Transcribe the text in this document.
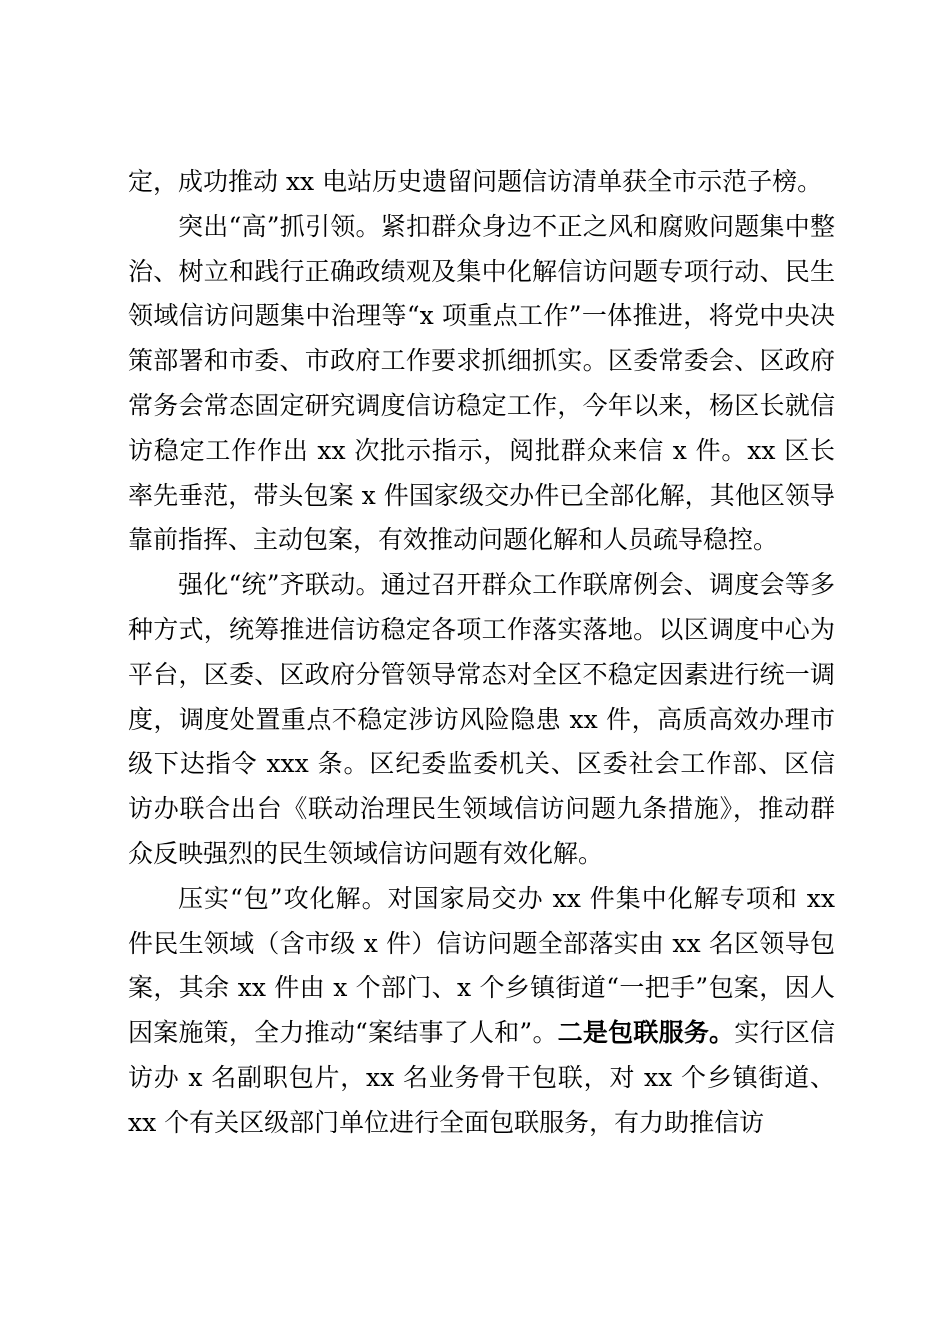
定，成功推动 xx 电站历史遗留问题信访清单获全市示范子榜。

突出“高”抓引领。紧扣群众身边不正之风和腐败问题集中整治、树立和践行正确政绩观及集中化解信访问题专项行动、民生领域信访问题集中治理等“x 项重点工作”一体推进，将党中央决策部署和市委、市政府工作要求抓细抓实。区委常委会、区政府常务会常态固定研究调度信访稳定工作，今年以来，杨区长就信访稳定工作作出 xx 次批示指示，阅批群众来信 x 件。xx 区长率先垂范，带头包案 x 件国家级交办件已全部化解，其他区领导靠前指挥、主动包案，有效推动问题化解和人员疏导稳控。

强化“统”齐联动。通过召开群众工作联席例会、调度会等多种方式，统筹推进信访稳定各项工作落实落地。以区调度中心为平台，区委、区政府分管领导常态对全区不稳定因素进行统一调度，调度处置重点不稳定涉访风险隐患 xx 件，高质高效办理市级下达指令 xxx 条。区纪委监委机关、区委社会工作部、区信访办联合出台《联动治理民生领域信访问题九条措施》，推动群众反映强烈的民生领域信访问题有效化解。

压实“包”攻化解。对国家局交办 xx 件集中化解专项和 xx 件民生领域（含市级 x 件）信访问题全部落实由 xx 名区领导包案，其余 xx 件由 x 个部门、x 个乡镇街道“一把手”包案，因人因案施策，全力推动“案结事了人和”。二是包联服务。实行区信访办 x 名副职包片，xx 名业务骨干包联，对 xx 个乡镇街道、xx 个有关区级部门单位进行全面包联服务，有力助推信访
